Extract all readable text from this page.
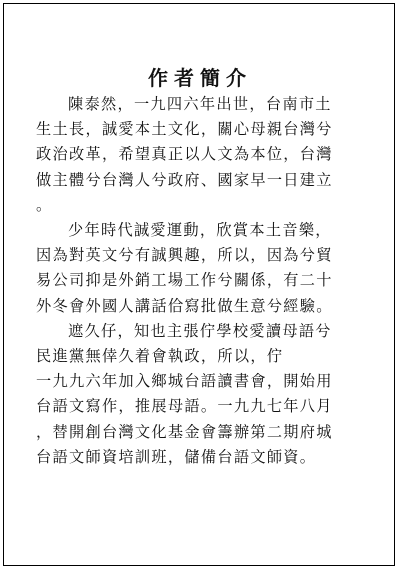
作者簡介

陳泰然，一九四六年出世，台南市土
生土長，誠愛本土文化，關心母親台灣兮
政治改革，希望真正以人文為本位，台灣
做主體兮台灣人兮政府、國家早一日建立
。

少年時代誠愛運動，欣賞本土音樂，
因為對英文兮有誠興趣，所以，因為兮貿
易公司抑是外銷工場工作兮關係，有二十
外冬會外國人講話佮寫批做生意兮經驗。

遮久仔，知也主張佇學校愛讀母語兮
民進黨無倖久着會執政，所以，佇
一九九六年加入鄉城台語讀書會，開始用
台語文寫作，推展母語。一九九七年八月
，替開創台灣文化基金會籌辦第二期府城
台語文師資培訓班，儲備台語文師資。
